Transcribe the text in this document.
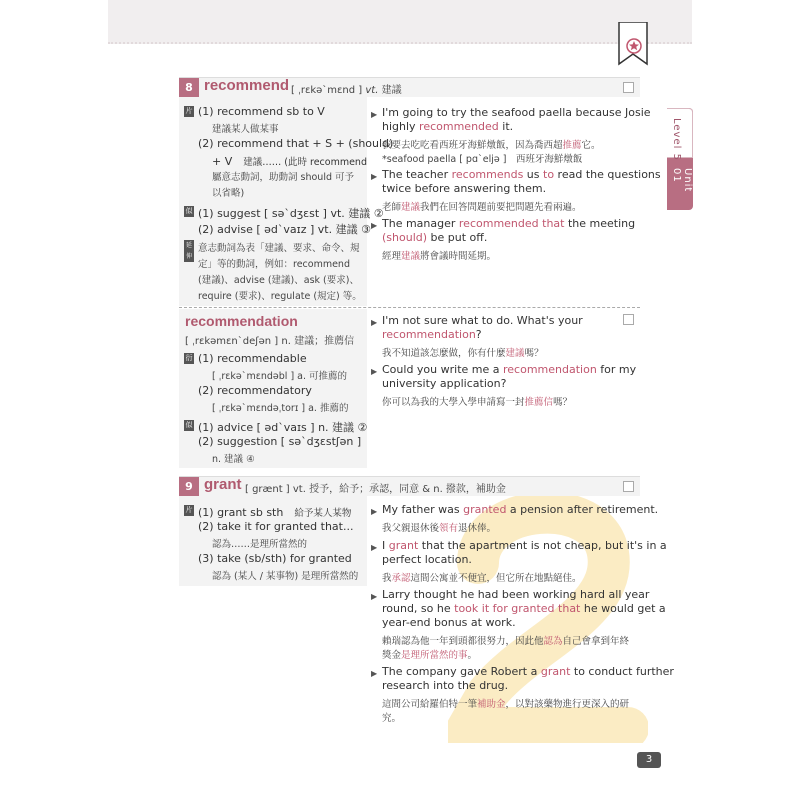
Level 5
Unit 01
8 recommend [ ˌrɛkəˋmɛnd ] vt. 建議
片 (1) recommend sb to V
建議某人做某事
(2) recommend that + S + (should)
+ V　 建議…… (此時 recommend
屬意志動詞，助動詞 should 可予
以省略)
似 (1) suggest [ səˋdʒɛst ] vt. 建議 ②
(2) advise [ ədˋvaɪz ] vt. 建議 ③
延伸
意志動詞為表「建議、要求、命令、規
定」等的動詞，例如：recommend
(建議)、advise (建議)、ask (要求)、
require (要求)、regulate (規定) 等。
▶ I'm going to try the seafood paella because Josie
highly recommended it.
我要去吃吃看西班牙海鮮燉飯，因為喬西超推薦它。
*seafood paella [ pɑˋeljə ]　西班牙海鮮燉飯
▶ The teacher recommends us to read the questions
twice before answering them.
老師建議我們在回答問題前要把問題先看兩遍。
▶ The manager recommended that the meeting
(should) be put off.
經理建議將會議時間延期。
recommendation
[ ˌrɛkəmɛnˋdeʃən ] n. 建議；推薦信
衍 (1) recommendable
[ ˌrɛkəˋmɛndəbl ] a. 可推薦的
(2) recommendatory
[ ˌrɛkəˋmɛndəˌtorɪ ] a. 推薦的
似 (1) advice [ ədˋvaɪs ] n. 建議 ②
(2) suggestion [ səˋdʒɛstʃən ]
n. 建議 ④
▶ I'm not sure what to do. What's your
recommendation?
我不知道該怎麼做，你有什麼建議嗎？
▶ Could you write me a recommendation for my
university application?
你可以為我的大學入學申請寫一封推薦信嗎？
9 grant [ grænt ] vt. 授予，給予；承認，同意 & n. 撥款，補助金
片 (1) grant sb sth　 給予某人某物
(2) take it for granted that...
認為……是理所當然的
(3) take (sb/sth) for granted
認為 (某人 / 某事物) 是理所當然的
▶ My father was granted a pension after retirement.
我父親退休後領有退休俸。
▶ I grant that the apartment is not cheap, but it's in a
perfect location.
我承認這間公寓並不便宜，但它所在地點絕佳。
▶ Larry thought he had been working hard all year
round, so he took it for granted that he would get a
year-end bonus at work.
賴瑞認為他一年到頭都很努力，因此他認為自己會拿到年終
獎金是理所當然的事。
▶ The company gave Robert a grant to conduct further
research into the drug.
這間公司給羅伯特一筆補助金，以對該藥物進行更深入的研
究。
3
